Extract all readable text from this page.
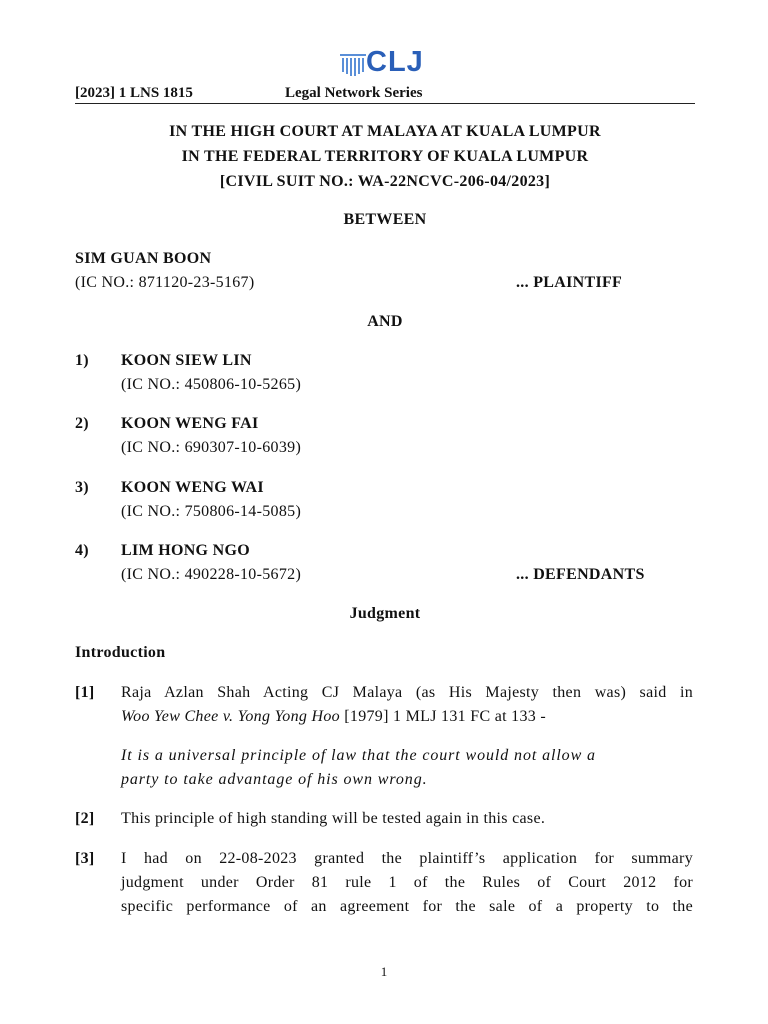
CLJ
[2023] 1 LNS 1815	Legal Network Series
IN THE HIGH COURT AT MALAYA AT KUALA LUMPUR
IN THE FEDERAL TERRITORY OF KUALA LUMPUR
[CIVIL SUIT NO.: WA-22NCVC-206-04/2023]
BETWEEN
SIM GUAN BOON
(IC NO.: 871120-23-5167)	... PLAINTIFF
AND
1) KOON SIEW LIN
(IC NO.: 450806-10-5265)
2) KOON WENG FAI
(IC NO.: 690307-10-6039)
3) KOON WENG WAI
(IC NO.: 750806-14-5085)
4) LIM HONG NGO
(IC NO.: 490228-10-5672)	... DEFENDANTS
Judgment
Introduction
[1] Raja Azlan Shah Acting CJ Malaya (as His Majesty then was) said in
Woo Yew Chee v. Yong Yong Hoo [1979] 1 MLJ 131 FC at 133 -
It is a universal principle of law that the court would not allow a
party to take advantage of his own wrong.
[2] This principle of high standing will be tested again in this case.
[3] I had on 22-08-2023 granted the plaintiff’s application for summary
judgment under Order 81 rule 1 of the Rules of Court 2012 for
specific performance of an agreement for the sale of a property to the
1
